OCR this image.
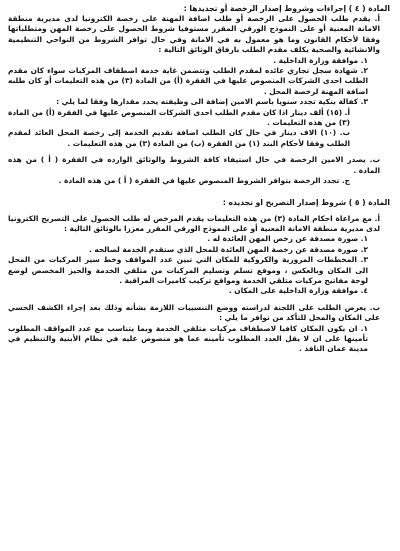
المادة ( ٤ ) إجراءات وشروط إصدار الرخصة أو تجديدها :
أ. يقدم طلب الحصول على الرخصة أو طلب اضافة المهنة على رخصة الكترونيا لدى مديرية منطقة الامانة المعنية أو على النموذج الورقي المقرر مستوفيا شروط الحصول على رخصة المهن ومتطلباتها وفقا لأحكام القانون وما هو معمول به في الامانة وفي حال توافر الشروط من النواحي التنظيمية والانشائية والصحية يكلف مقدم الطلب بارفاق الوثائق التالية :
١. موافقة وزارة الداخلية .
٢. شهادة سجل تجاري عائده لمقدم الطلب وتتضمن غاية خدمة اصطفاف المركبات سواء كان مقدم الطلب احدى الشركات المنصوص عليها في الفقرة (أ) من المادة (٣) من هذه التعليمات أو كان طلبه اضافة المهنة لرخصة المحل .
٣. كفالة بنكية تجدد سنويا باسم الامين إضافة الى وظيفته يحدد مقدارها وفقا لما يلي :
أ. (١٥) ألف دينار اذا كان مقدم الطلب احدى الشركات المنصوص عليها في الفقرة (أ) من المادة (٣) من هذه التعليمات .
ب. (١٠) الاف دينار في حال كان الطلب اضافة تقديم الخدمة إلى رخصة المحل العائد لمقدم الطلب وفقا لأحكام البند (١) من الفقرة (ب) من المادة (٣) من هذه التعليمات .
ب. يصدر الامين الرخصة في حال استيفاء كافة الشروط والوثائق الوارده في الفقرة ( أ ) من هذه المادة .
ج. تجدد الرخصة بتوافر الشروط المنصوص عليها في الفقرة ( أ ) من هذه المادة .
المادة ( ٥ ) شروط إصدار التصريح او تجديده :
أ. مع مراعاة احكام المادة (٣) من هذه التعليمات يقدم المرخص له طلب الحصول على التصريح الكترونيا لدى مديرية منطقة الامانة المعنية أو على النموذج الورقي المقرر معززا بالوثائق التالية :
١. صورة مصدقة عن رخص المهن العائدة له .
٢. صورة مصدقة عن رخصة المهن العائدة للمحل الذي ستقدم الخدمة لصالحه .
٣. المخططات المرورية والكروكية للمكان التي تبين عدد المواقف وخط سير المركبات من المحل الى المكان وبالعكس ، وموقع تسلم وتسليم المركبات من متلقي الخدمة والحيز المخصص لوضع لوحة مفاتيح مركبات متلقي الخدمة ومواقع تركيب كاميرات المراقبة .
٤. موافقة وزارة الداخلية على المكان .
ب. يعرض الطلب على اللجنة لدراسته ووضع التنسيبات اللازمة بشأنه وذلك بعد إجراء الكشف الحسي على المكان والمحل للتأكد من توافر ما يلي :
١. ان يكون المكان كافيا لاصطفاف مركبات متلقي الخدمة وبما يتناسب مع عدد المواقف المطلوب تأمينها على ان لا يقل العدد المطلوب تأمينه عما هو منصوص عليه في نظام الأبنية والتنظيم في مدينة عمان النافذ .
